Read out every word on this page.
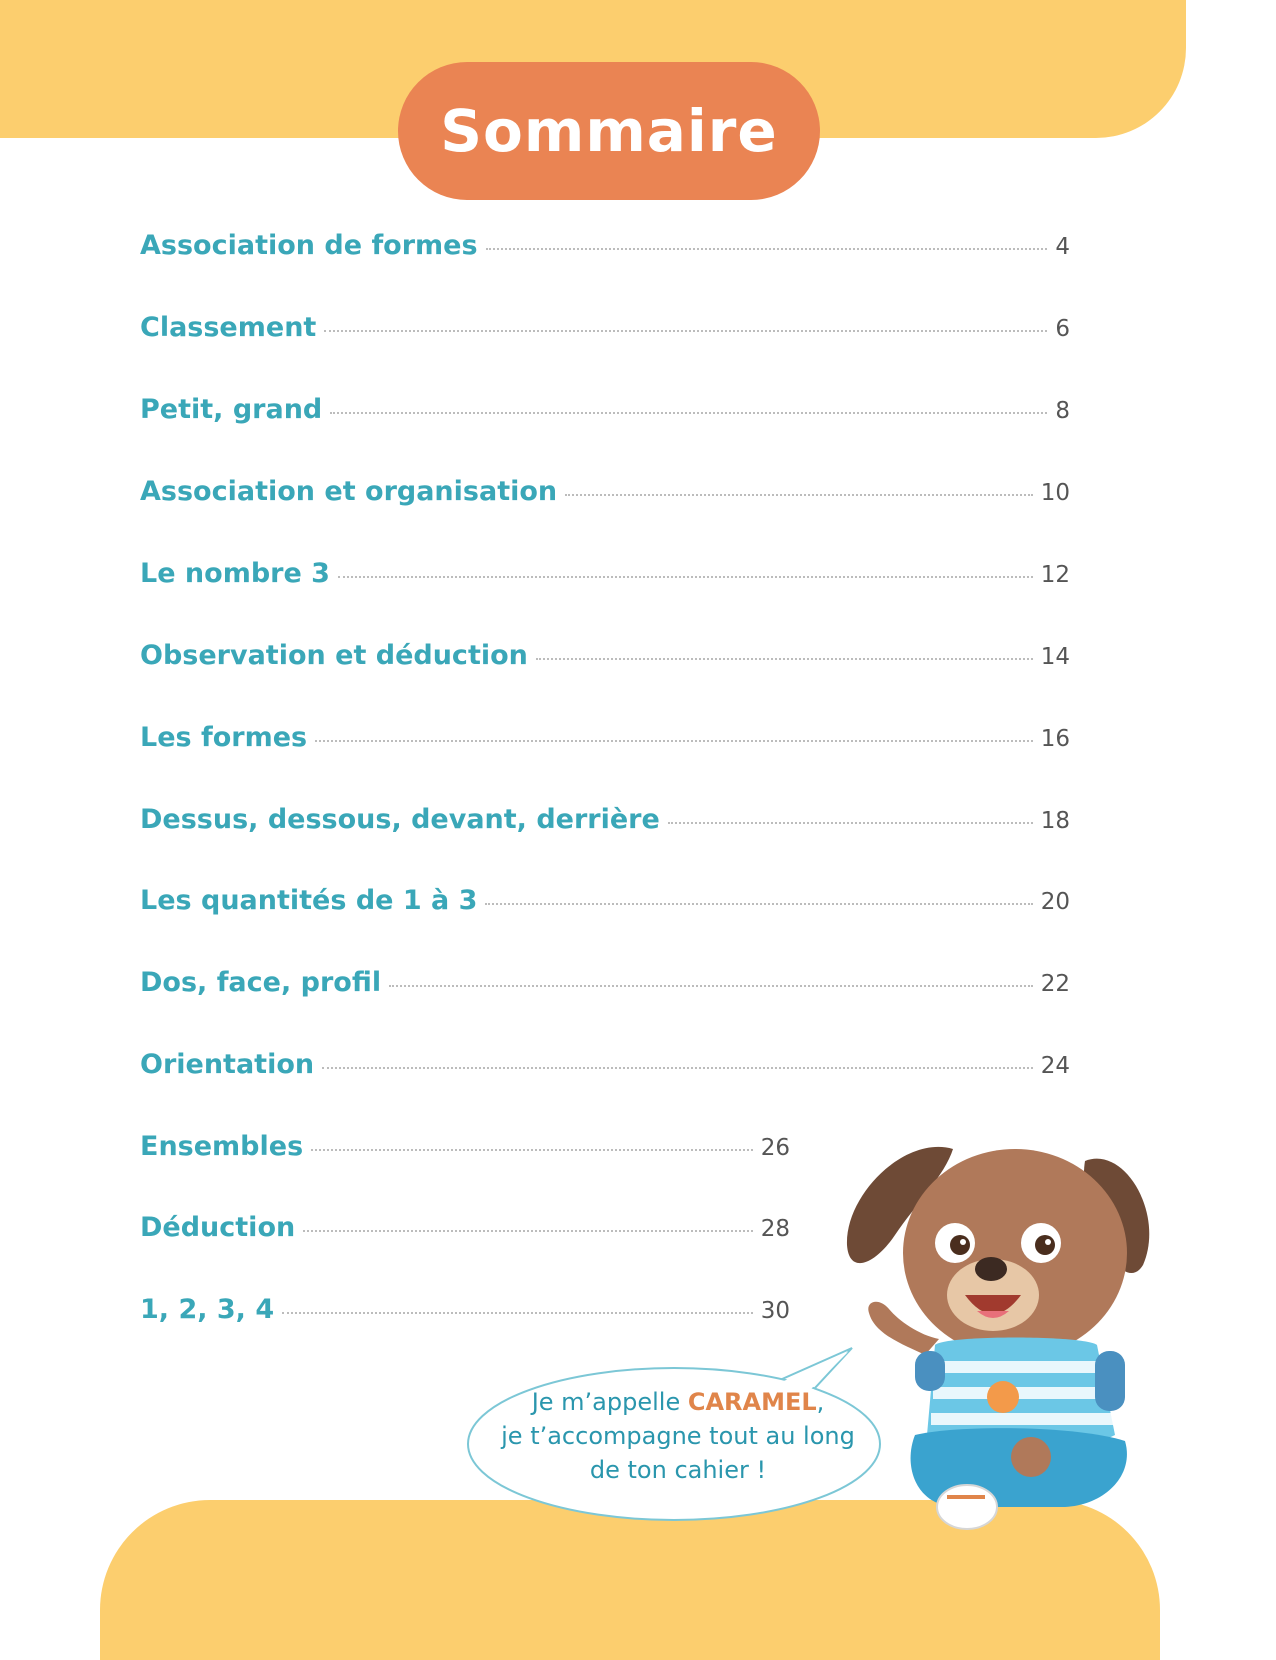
Sommaire
Association de formes	4
Classement	6
Petit, grand	8
Association et organisation	10
Le nombre 3	12
Observation et déduction	14
Les formes	16
Dessus, dessous, devant, derrière	18
Les quantités de 1 à 3	20
Dos, face, profil	22
Orientation	24
Ensembles	26
Déduction	28
1, 2, 3, 4	30
Je m’appelle CARAMEL,
je t’accompagne tout au long
de ton cahier !
